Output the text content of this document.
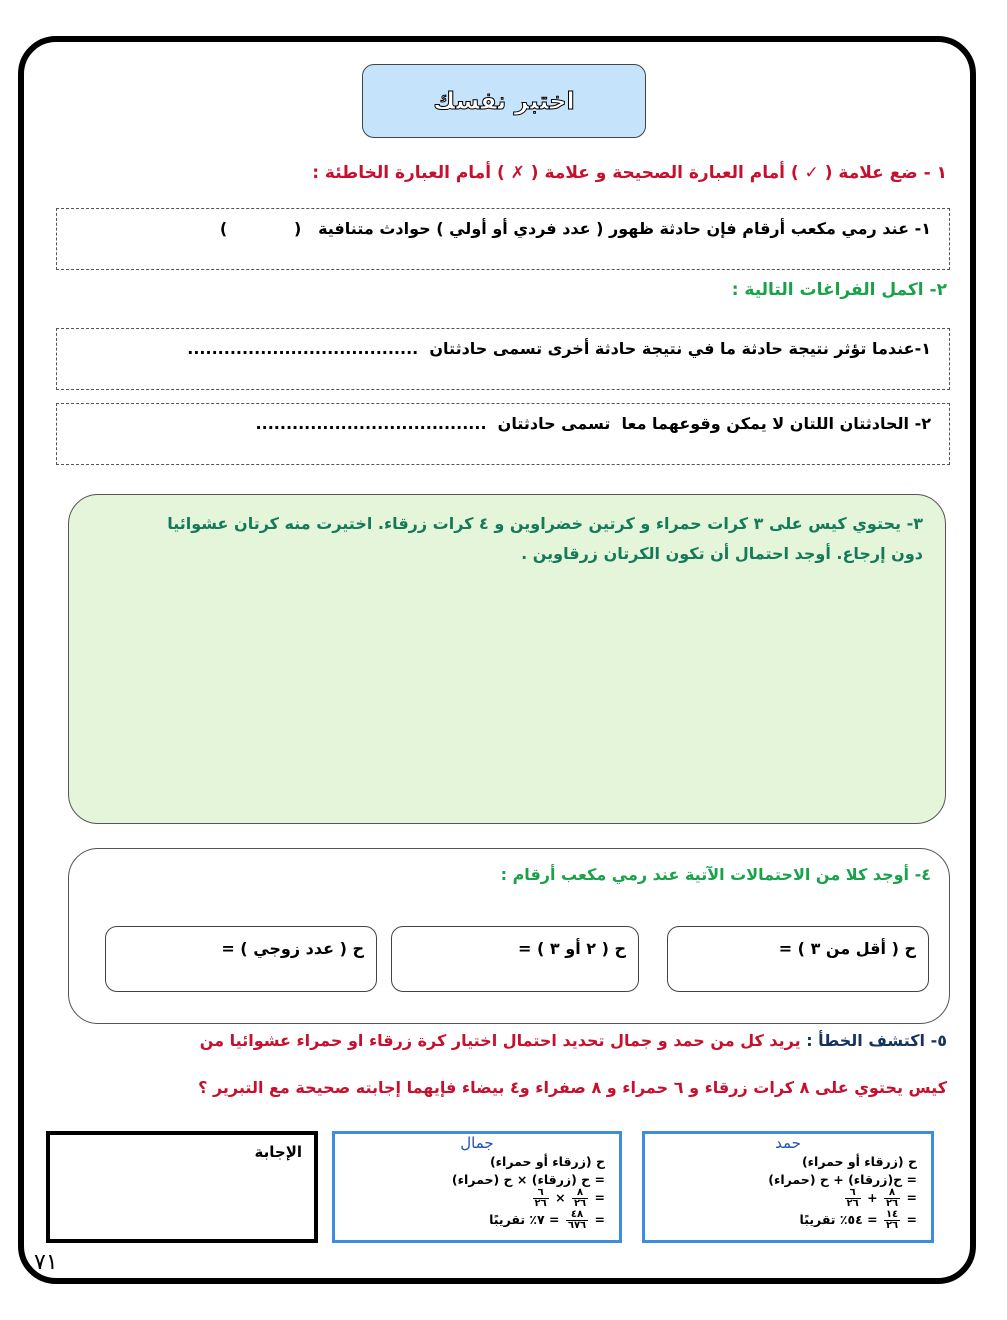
اختبر نفسك
١ - ضع علامة ( ✓ ) أمام العبارة الصحيحة و علامة ( ✗ ) أمام العبارة الخاطئة :
١- عند رمي مكعب أرقام فإن حادثة ظهور ( عدد فردي أو أولي ) حوادث متنافية   (            )
٢- اكمل الفراغات التالية :
١-عندما تؤثر نتيجة حادثة ما في نتيجة حادثة أخرى تسمى حادثتان  ......................................
٢- الحادثتان اللتان لا يمكن وقوعهما معا  تسمى حادثتان  ......................................
٣- يحتوي كيس على ٣ كرات حمراء و كرتين خضراوين و ٤ كرات زرقاء. اختيرت منه كرتان عشوائيا دون إرجاع. أوجد احتمال أن تكون الكرتان زرقاوين .
٤- أوجد كلا من الاحتمالات الآتية عند رمي مكعب أرقام :
ح ( أقل من ٣ ) =
ح ( ٢ أو ٣ ) =
ح ( عدد زوجي ) =
٥- اكتشف الخطأ : يريد كل من حمد و جمال تحديد احتمال اختيار كرة زرقاء او حمراء عشوائيا من
كيس يحتوي على ٨ كرات زرقاء و ٦ حمراء و ٨ صفراء و٤ بيضاء فإيهما إجابته صحيحة مع التبرير ؟
حمد
ح (زرقاء أو حمراء)
= ح(زرقاء) + ح (حمراء)
=
$\frac{٨}{٢٦}$
+
$\frac{٦}{٢٦}$
=
$\frac{١٤}{٢٦}$
= ٥٤٪ تقريبًا
جمال
ح (زرقاء أو حمراء)
= ح (زرقاء) × ح (حمراء)
=
$\frac{٨}{٢٦}$
×
$\frac{٦}{٢٦}$
=
$\frac{٤٨}{٦٧٦}$
= ٧٪ تقريبًا
الإجابة
٧١
